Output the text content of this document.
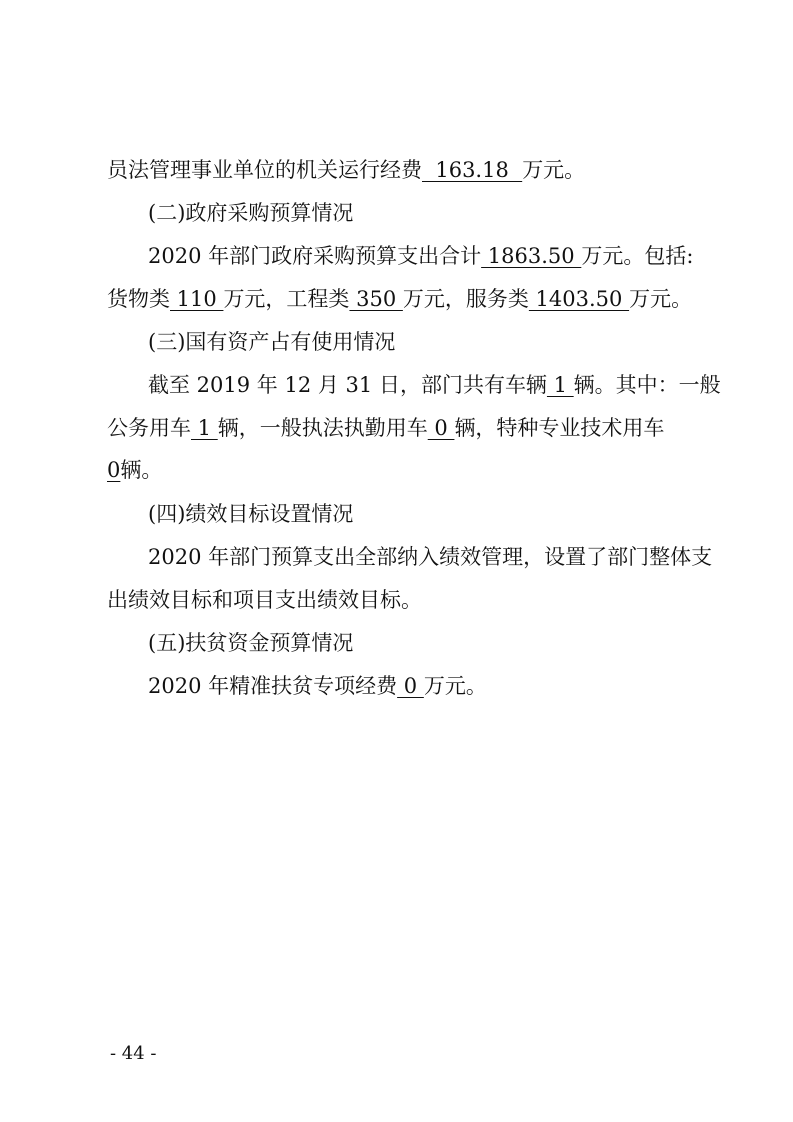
员法管理事业单位的机关运行经费  163.18  万元。
(二)政府采购预算情况
2020 年部门政府采购预算支出合计 1863.50 万元。包括:
货物类 110 万元，工程类 350 万元，服务类 1403.50 万元。
(三)国有资产占有使用情况
截至 2019 年 12 月 31 日，部门共有车辆 1 辆。其中：一般
公务用车 1 辆，一般执法执勤用车 0 辆，特种专业技术用车
0辆。
(四)绩效目标设置情况
2020 年部门预算支出全部纳入绩效管理，设置了部门整体支
出绩效目标和项目支出绩效目标。
(五)扶贫资金预算情况
2020 年精准扶贫专项经费 0 万元。
- 44 -
